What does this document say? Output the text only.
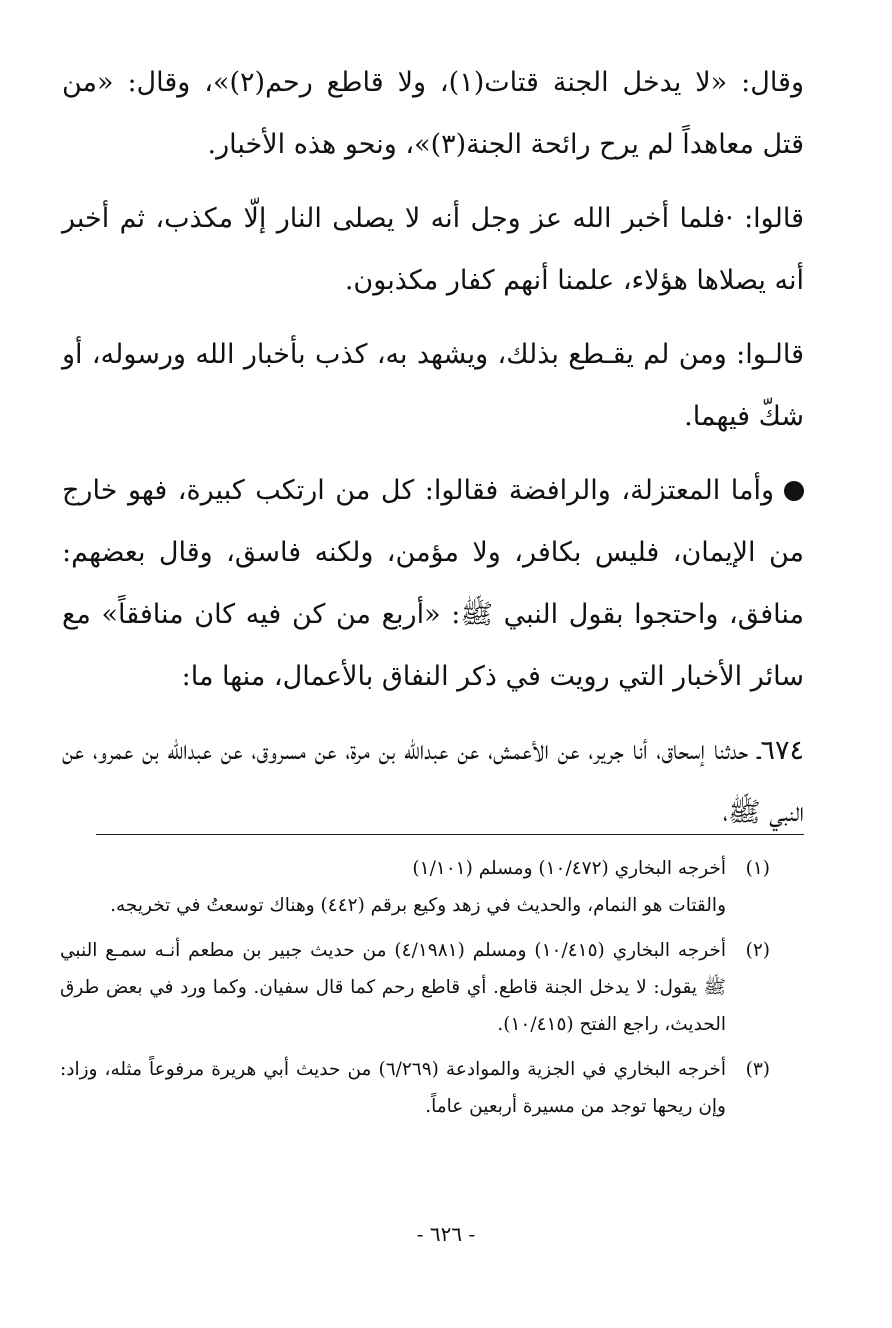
وقال: «لا يدخل الجنة قتات(١)، ولا قاطع رحم(٢)»، وقال: «من قتل معاهداً لم يرح رائحة الجنة(٣)»، ونحو هذه الأخبار.

قالوا: ·فلما أخبر الله عز وجل أنه لا يصلى النار إلّا مكذب، ثم أخبر أنه يصلاها هؤلاء، علمنا أنهم كفار مكذبون.

قالـوا: ومن لم يقـطع بذلك، ويشهد به، كذب بأخبار الله ورسوله، أو شكّ فيهما.

وأما المعتزلة، والرافضة فقالوا: كل من ارتكب كبيرة، فهو خارج من الإيمان، فليس بكافر، ولا مؤمن، ولكنه فاسق، وقال بعضهم: منافق، واحتجوا بقول النبي ﷺ: «أربع من كن فيه كان منافقاً» مع سائر الأخبار التي رويت في ذكر النفاق بالأعمال، منها ما:

٦٧٤ـ حدثنا إسحاق، أنا جرير، عن الأعمش، عن عبدالله بن مرة، عن مسروق، عن عبدالله بن عمرو، عن النبي ﷺ،

(١)
أخرجه البخاري (١٠/٤٧٢) ومسلم (١/١٠١)
والقتات هو النمام، والحديث في زهد وكيع برقم (٤٤٢) وهناك توسعتُ في تخريجه.
(٢)
أخرجه البخاري (١٠/٤١٥) ومسلم (٤/١٩٨١) من حديث جبير بن مطعم أنـه سمـع النبي ﷺ يقول: لا يدخل الجنة قاطع. أي قاطع رحم كما قال سفيان. وكما ورد في بعض طرق الحديث، راجع الفتح (١٠/٤١٥).
(٣)
أخرجه البخاري في الجزية والموادعة (٦/٢٦٩) من حديث أبي هريرة مرفوعاً مثله، وزاد: وإن ريحها توجد من مسيرة أربعين عاماً.
- ٦٢٦ -
